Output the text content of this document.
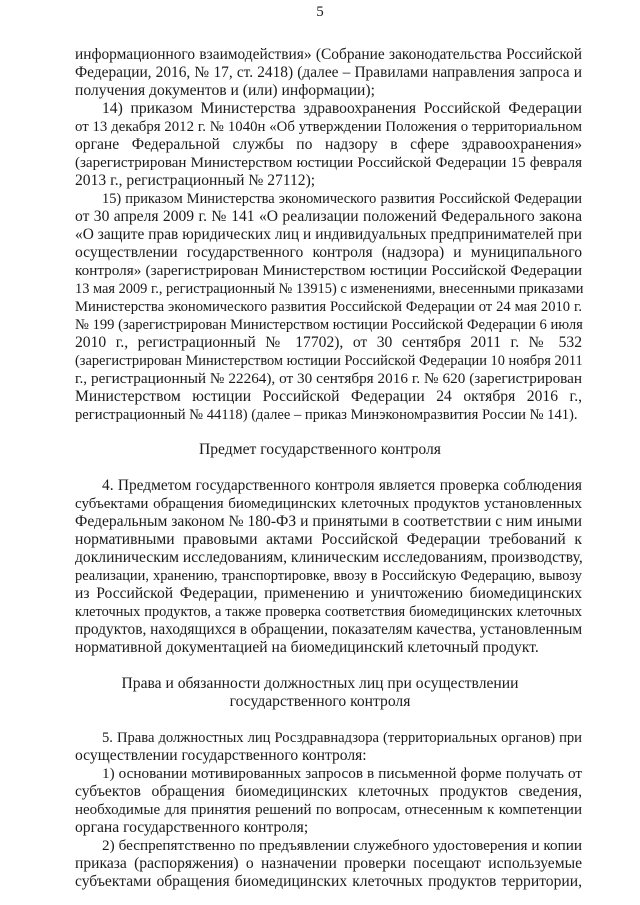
5
информационного взаимодействия» (Собрание законодательства Российской
Федерации, 2016, № 17, ст. 2418) (далее – Правилами направления запроса и
получения документов и (или) информации);
14) приказом Министерства здравоохранения Российской Федерации
от 13 декабря 2012 г. № 1040н «Об утверждении Положения о территориальном
органе Федеральной службы по надзору в сфере здравоохранения»
(зарегистрирован Министерством юстиции Российской Федерации 15 февраля
2013 г., регистрационный № 27112);
15) приказом Министерства экономического развития Российской Федерации
от 30 апреля 2009 г. № 141 «О реализации положений Федерального закона
«О защите прав юридических лиц и индивидуальных предпринимателей при
осуществлении государственного контроля (надзора) и муниципального
контроля» (зарегистрирован Министерством юстиции Российской Федерации
13 мая 2009 г., регистрационный № 13915) с изменениями, внесенными приказами
Министерства экономического развития Российской Федерации от 24 мая 2010 г.
№ 199 (зарегистрирован Министерством юстиции Российской Федерации 6 июля
2010 г., регистрационный № 17702), от 30 сентября 2011 г. № 532
(зарегистрирован Министерством юстиции Российской Федерации 10 ноября 2011
г., регистрационный № 22264), от 30 сентября 2016 г. № 620 (зарегистрирован
Министерством юстиции Российской Федерации 24 октября 2016 г.,
регистрационный № 44118) (далее – приказ Минэкономразвития России № 141).
Предмет государственного контроля
4. Предметом государственного контроля является проверка соблюдения
субъектами обращения биомедицинских клеточных продуктов установленных
Федеральным законом № 180-ФЗ и принятыми в соответствии с ним иными
нормативными правовыми актами Российской Федерации требований к
доклиническим исследованиям, клиническим исследованиям, производству,
реализации, хранению, транспортировке, ввозу в Российскую Федерацию, вывозу
из Российской Федерации, применению и уничтожению биомедицинских
клеточных продуктов, а также проверка соответствия биомедицинских клеточных
продуктов, находящихся в обращении, показателям качества, установленным
нормативной документацией на биомедицинский клеточный продукт.
Права и обязанности должностных лиц при осуществлении
государственного контроля
5. Права должностных лиц Росздравнадзора (территориальных органов) при
осуществлении государственного контроля:
1) основании мотивированных запросов в письменной форме получать от
субъектов обращения биомедицинских клеточных продуктов сведения,
необходимые для принятия решений по вопросам, отнесенным к компетенции
органа государственного контроля;
2) беспрепятственно по предъявлении служебного удостоверения и копии
приказа (распоряжения) о назначении проверки посещают используемые
субъектами обращения биомедицинских клеточных продуктов территории,
